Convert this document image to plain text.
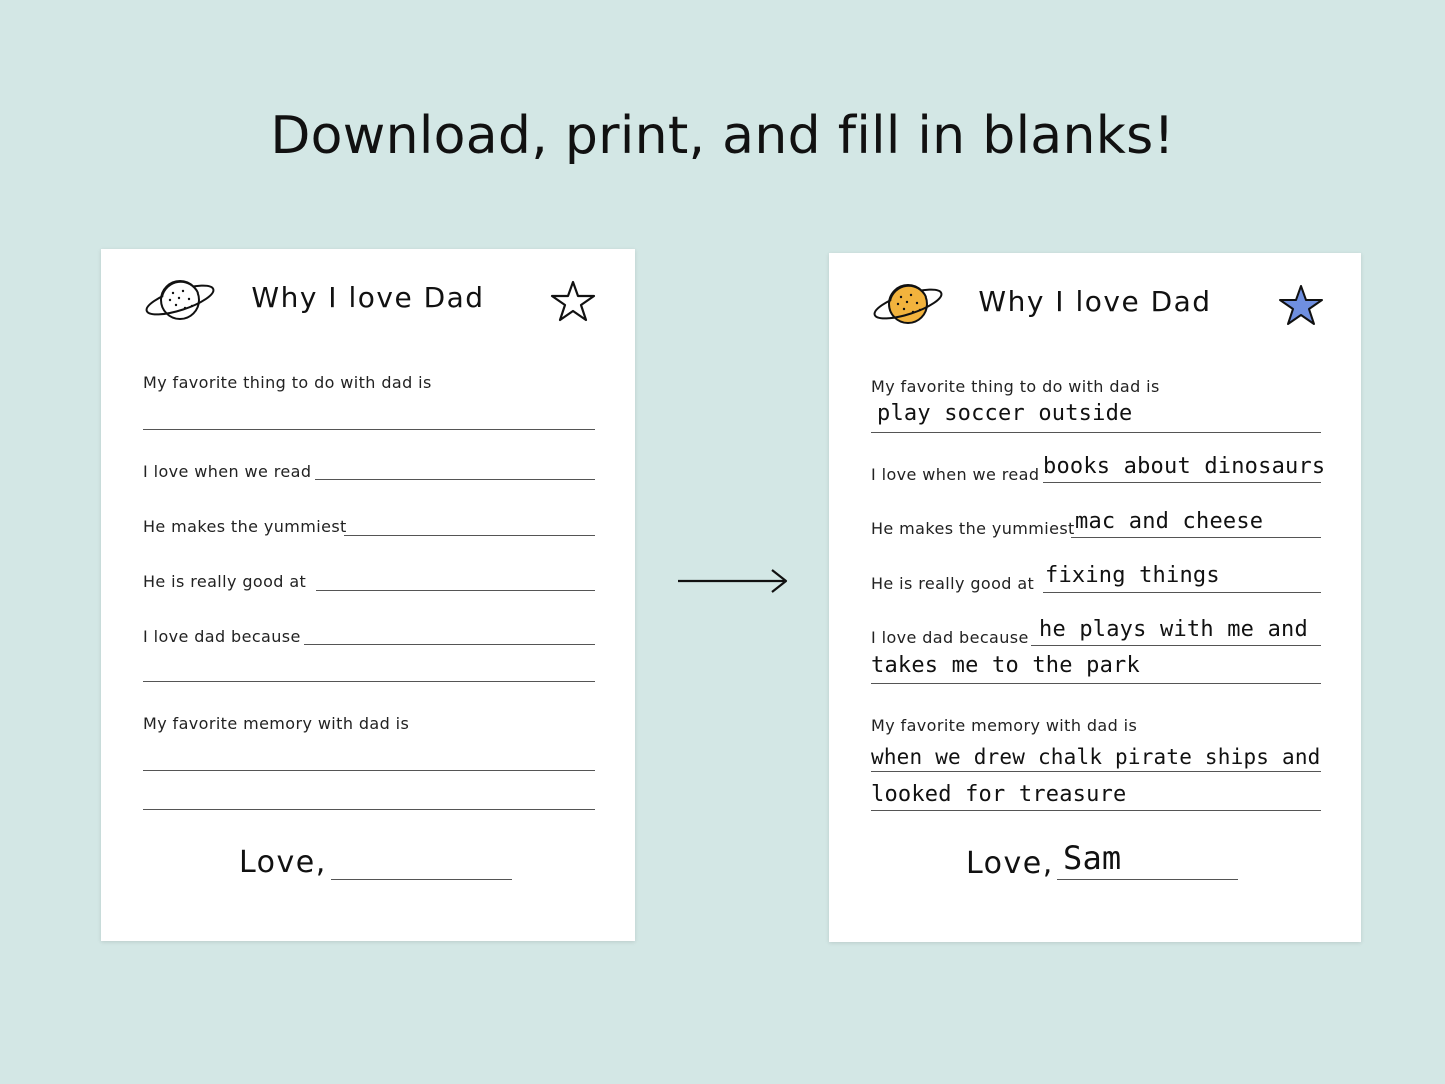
Download, print, and fill in blanks!
Why I love Dad
My favorite thing to do with dad is
I love when we read
He makes the yummiest
He is really good at
I love dad because
My favorite memory with dad is
Love,
Why I love Dad
My favorite thing to do with dad is
play soccer outside
I love when we read books about dinosaurs
He makes the yummiest mac and cheese
He is really good at fixing things
I love dad because he plays with me and
takes me to the park
My favorite memory with dad is
when we drew chalk pirate ships and
looked for treasure
Love, Sam
